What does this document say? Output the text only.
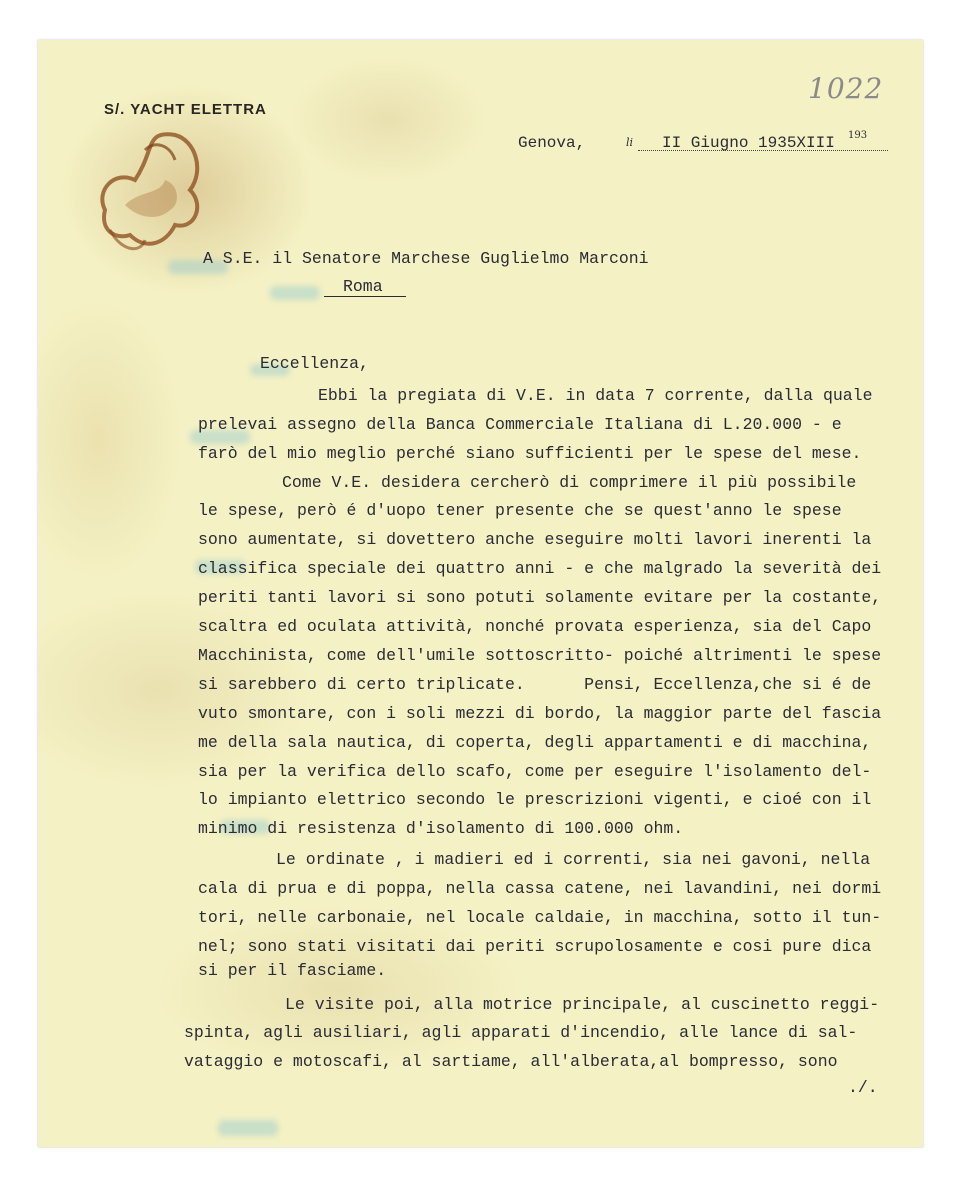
S/. YACHT ELETTRA
1022
Genova,	li II Giugno 1935XIII 193
A S.E. il Senatore Marchese Guglielmo Marconi
Roma
Eccellenza,
Ebbi la pregiata di V.E. in data 7 corrente, dalla quale
prelevai assegno della Banca Commerciale Italiana di L.20.000 - e
farò del mio meglio perché siano sufficienti per le spese del mese.
Come V.E. desidera cercherò di comprimere il più possibile
le spese, però é d'uopo tener presente che se quest'anno le spese
sono aumentate, si dovettero anche eseguire molti lavori inerenti la
classifica speciale dei quattro anni - e che malgrado la severità dei
periti tanti lavori si sono potuti solamente evitare per la costante,
scaltra ed oculata attività, nonché provata esperienza, sia del Capo
Macchinista, come dell'umile sottoscritto- poiché altrimenti le spese
si sarebbero di certo triplicate.      Pensi, Eccellenza,che si é de
vuto smontare, con i soli mezzi di bordo, la maggior parte del fascia
me della sala nautica, di coperta, degli appartamenti e di macchina,
sia per la verifica dello scafo, come per eseguire l'isolamento del-
lo impianto elettrico secondo le prescrizioni vigenti, e cioé con il
minimo di resistenza d'isolamento di 100.000 ohm.
Le ordinate , i madieri ed i correnti, sia nei gavoni, nella
cala di prua e di poppa, nella cassa catene, nei lavandini, nei dormi
tori, nelle carbonaie, nel locale caldaie, in macchina, sotto il tun-
nel; sono stati visitati dai periti scrupolosamente e cosi pure dica
si per il fasciame.
Le visite poi, alla motrice principale, al cuscinetto reggi-
spinta, agli ausiliari, agli apparati d'incendio, alle lance di sal-
vataggio e motoscafi, al sartiame, all'alberata,al bompresso, sono
./.
